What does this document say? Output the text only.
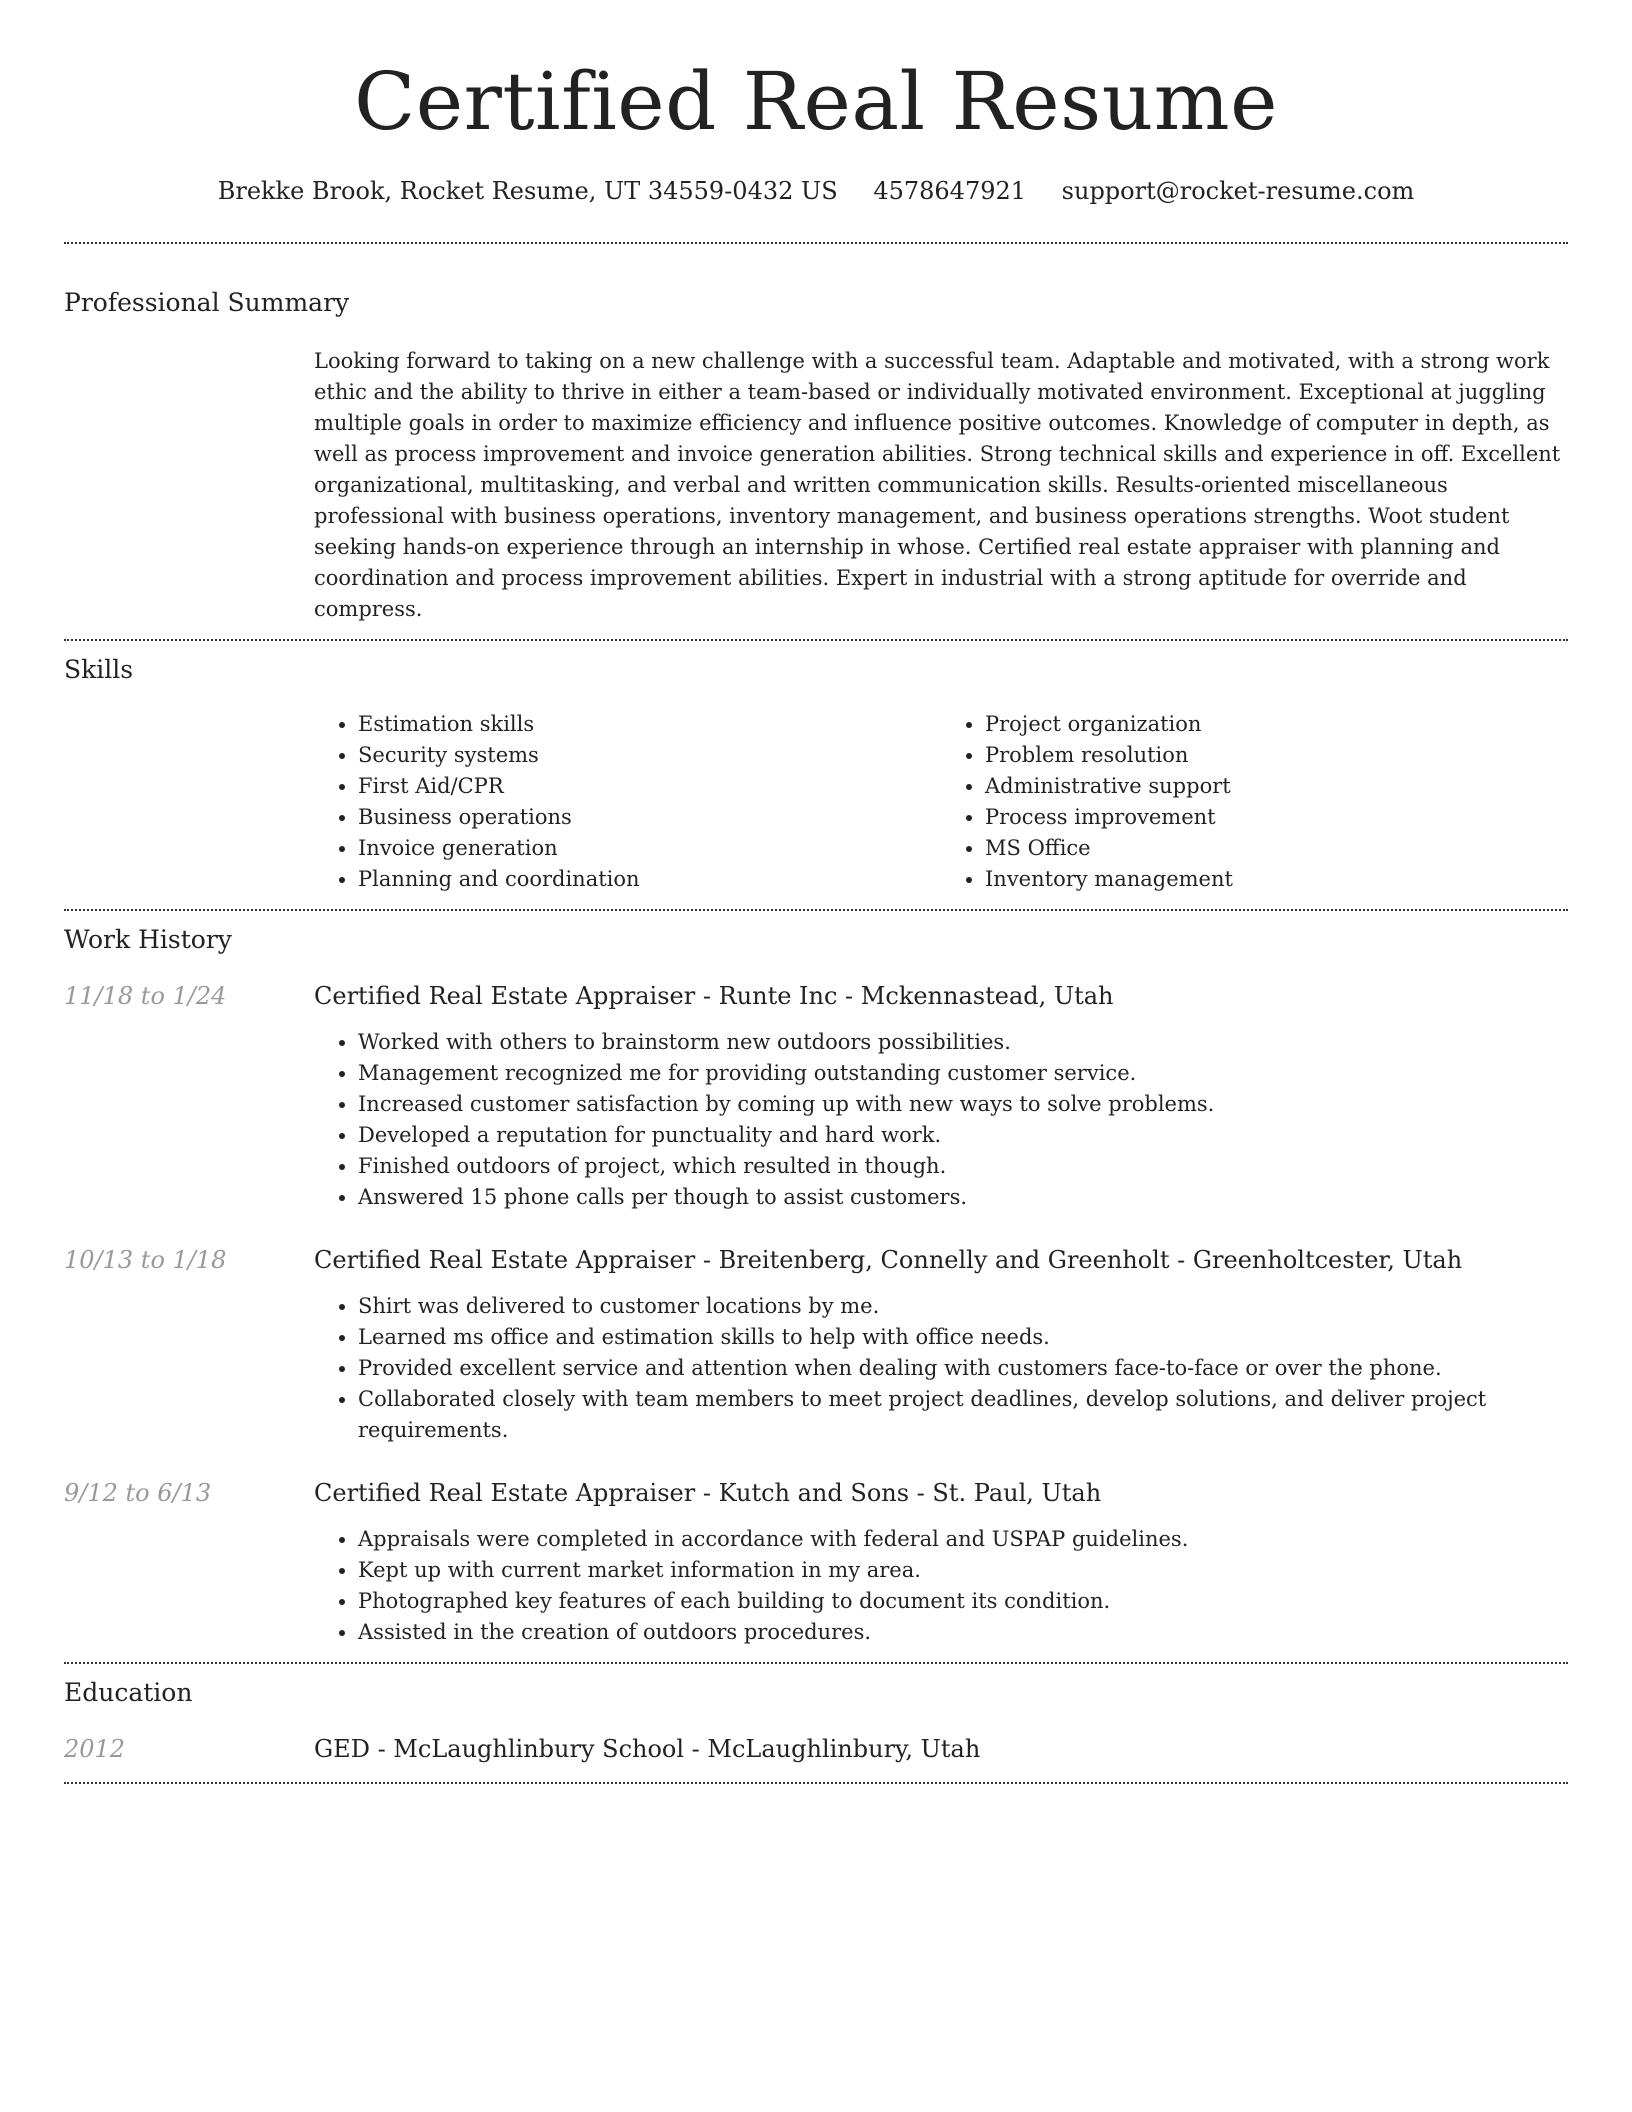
Certified Real Resume
Brekke Brook, Rocket Resume, UT 34559-0432 US 4578647921 support@rocket-resume.com
Professional Summary

Looking forward to taking on a new challenge with a successful team. Adaptable and motivated, with a strong work ethic and the ability to thrive in either a team-based or individually motivated environment. Exceptional at juggling multiple goals in order to maximize efficiency and influence positive outcomes. Knowledge of computer in depth, as well as process improvement and invoice generation abilities. Strong technical skills and experience in off. Excellent organizational, multitasking, and verbal and written communication skills. Results-oriented miscellaneous professional with business operations, inventory management, and business operations strengths. Woot student seeking hands-on experience through an internship in whose. Certified real estate appraiser with planning and coordination and process improvement abilities. Expert in industrial with a strong aptitude for override and compress.

Skills
• Estimation skills
• Security systems
• First Aid/CPR
• Business operations
• Invoice generation
• Planning and coordination
• Project organization
• Problem resolution
• Administrative support
• Process improvement
• MS Office
• Inventory management
Work History
11/18 to 1/24	Certified Real Estate Appraiser - Runte Inc - Mckennastead, Utah
• Worked with others to brainstorm new outdoors possibilities.
• Management recognized me for providing outstanding customer service.
• Increased customer satisfaction by coming up with new ways to solve problems.
• Developed a reputation for punctuality and hard work.
• Finished outdoors of project, which resulted in though.
• Answered 15 phone calls per though to assist customers.
10/13 to 1/18	Certified Real Estate Appraiser - Breitenberg, Connelly and Greenholt - Greenholtcester, Utah
• Shirt was delivered to customer locations by me.
• Learned ms office and estimation skills to help with office needs.
• Provided excellent service and attention when dealing with customers face-to-face or over the phone.
• Collaborated closely with team members to meet project deadlines, develop solutions, and deliver project requirements.
9/12 to 6/13	Certified Real Estate Appraiser - Kutch and Sons - St. Paul, Utah
• Appraisals were completed in accordance with federal and USPAP guidelines.
• Kept up with current market information in my area.
• Photographed key features of each building to document its condition.
• Assisted in the creation of outdoors procedures.
Education
2012	GED - McLaughlinbury School - McLaughlinbury, Utah
